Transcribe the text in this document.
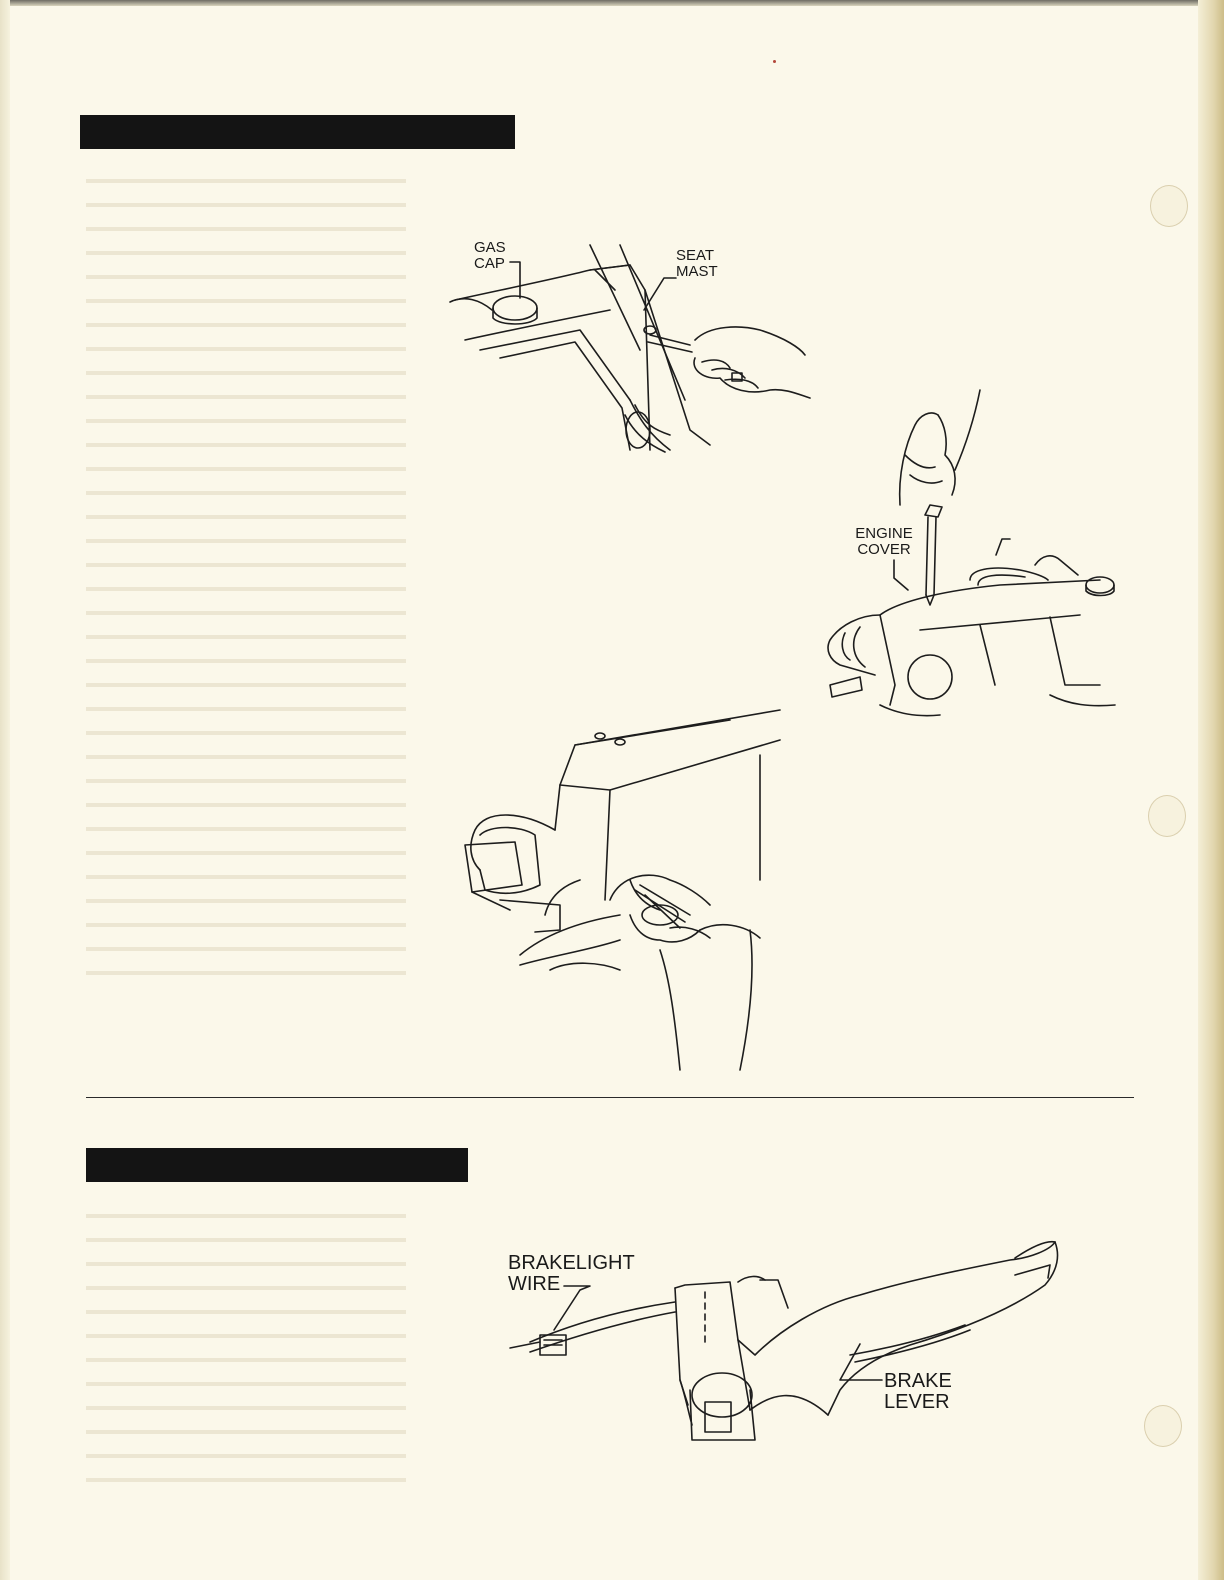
GAS CAP	SEAT MAST
ENGINE COVER
BRAKELIGHT WIRE
BRAKE LEVER
